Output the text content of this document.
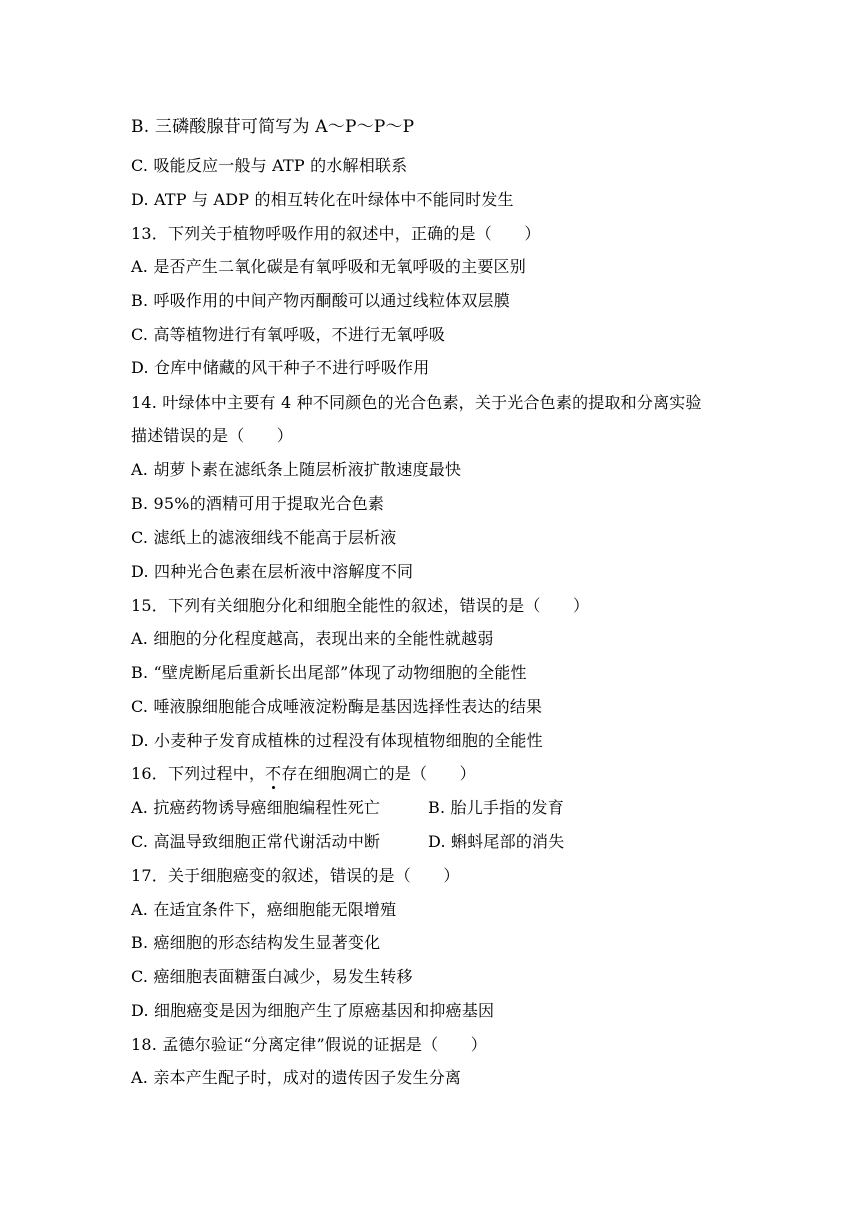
B. 三磷酸腺苷可简写为 A～P～P～P
C. 吸能反应一般与 ATP 的水解相联系
D. ATP 与 ADP 的相互转化在叶绿体中不能同时发生
13．下列关于植物呼吸作用的叙述中，正确的是（　　）
A. 是否产生二氧化碳是有氧呼吸和无氧呼吸的主要区别
B. 呼吸作用的中间产物丙酮酸可以通过线粒体双层膜
C. 高等植物进行有氧呼吸，不进行无氧呼吸
D. 仓库中储藏的风干种子不进行呼吸作用
14. 叶绿体中主要有 4 种不同颜色的光合色素，关于光合色素的提取和分离实验
描述错误的是（　　）
A. 胡萝卜素在滤纸条上随层析液扩散速度最快
B. 95%的酒精可用于提取光合色素
C. 滤纸上的滤液细线不能高于层析液
D. 四种光合色素在层析液中溶解度不同
15．下列有关细胞分化和细胞全能性的叙述，错误的是（　　）
A. 细胞的分化程度越高，表现出来的全能性就越弱
B. “壁虎断尾后重新长出尾部”体现了动物细胞的全能性
C. 唾液腺细胞能合成唾液淀粉酶是基因选择性表达的结果
D. 小麦种子发育成植株的过程没有体现植物细胞的全能性
16．下列过程中，不存在细胞凋亡的是（　　）
A. 抗癌药物诱导癌细胞编程性死亡	B. 胎儿手指的发育
C. 高温导致细胞正常代谢活动中断	D. 蝌蚪尾部的消失
17．关于细胞癌变的叙述，错误的是（　　）
A. 在适宜条件下，癌细胞能无限增殖
B. 癌细胞的形态结构发生显著变化
C. 癌细胞表面糖蛋白减少，易发生转移
D. 细胞癌变是因为细胞产生了原癌基因和抑癌基因
18. 孟德尔验证“分离定律”假说的证据是（　　）
A. 亲本产生配子时，成对的遗传因子发生分离
